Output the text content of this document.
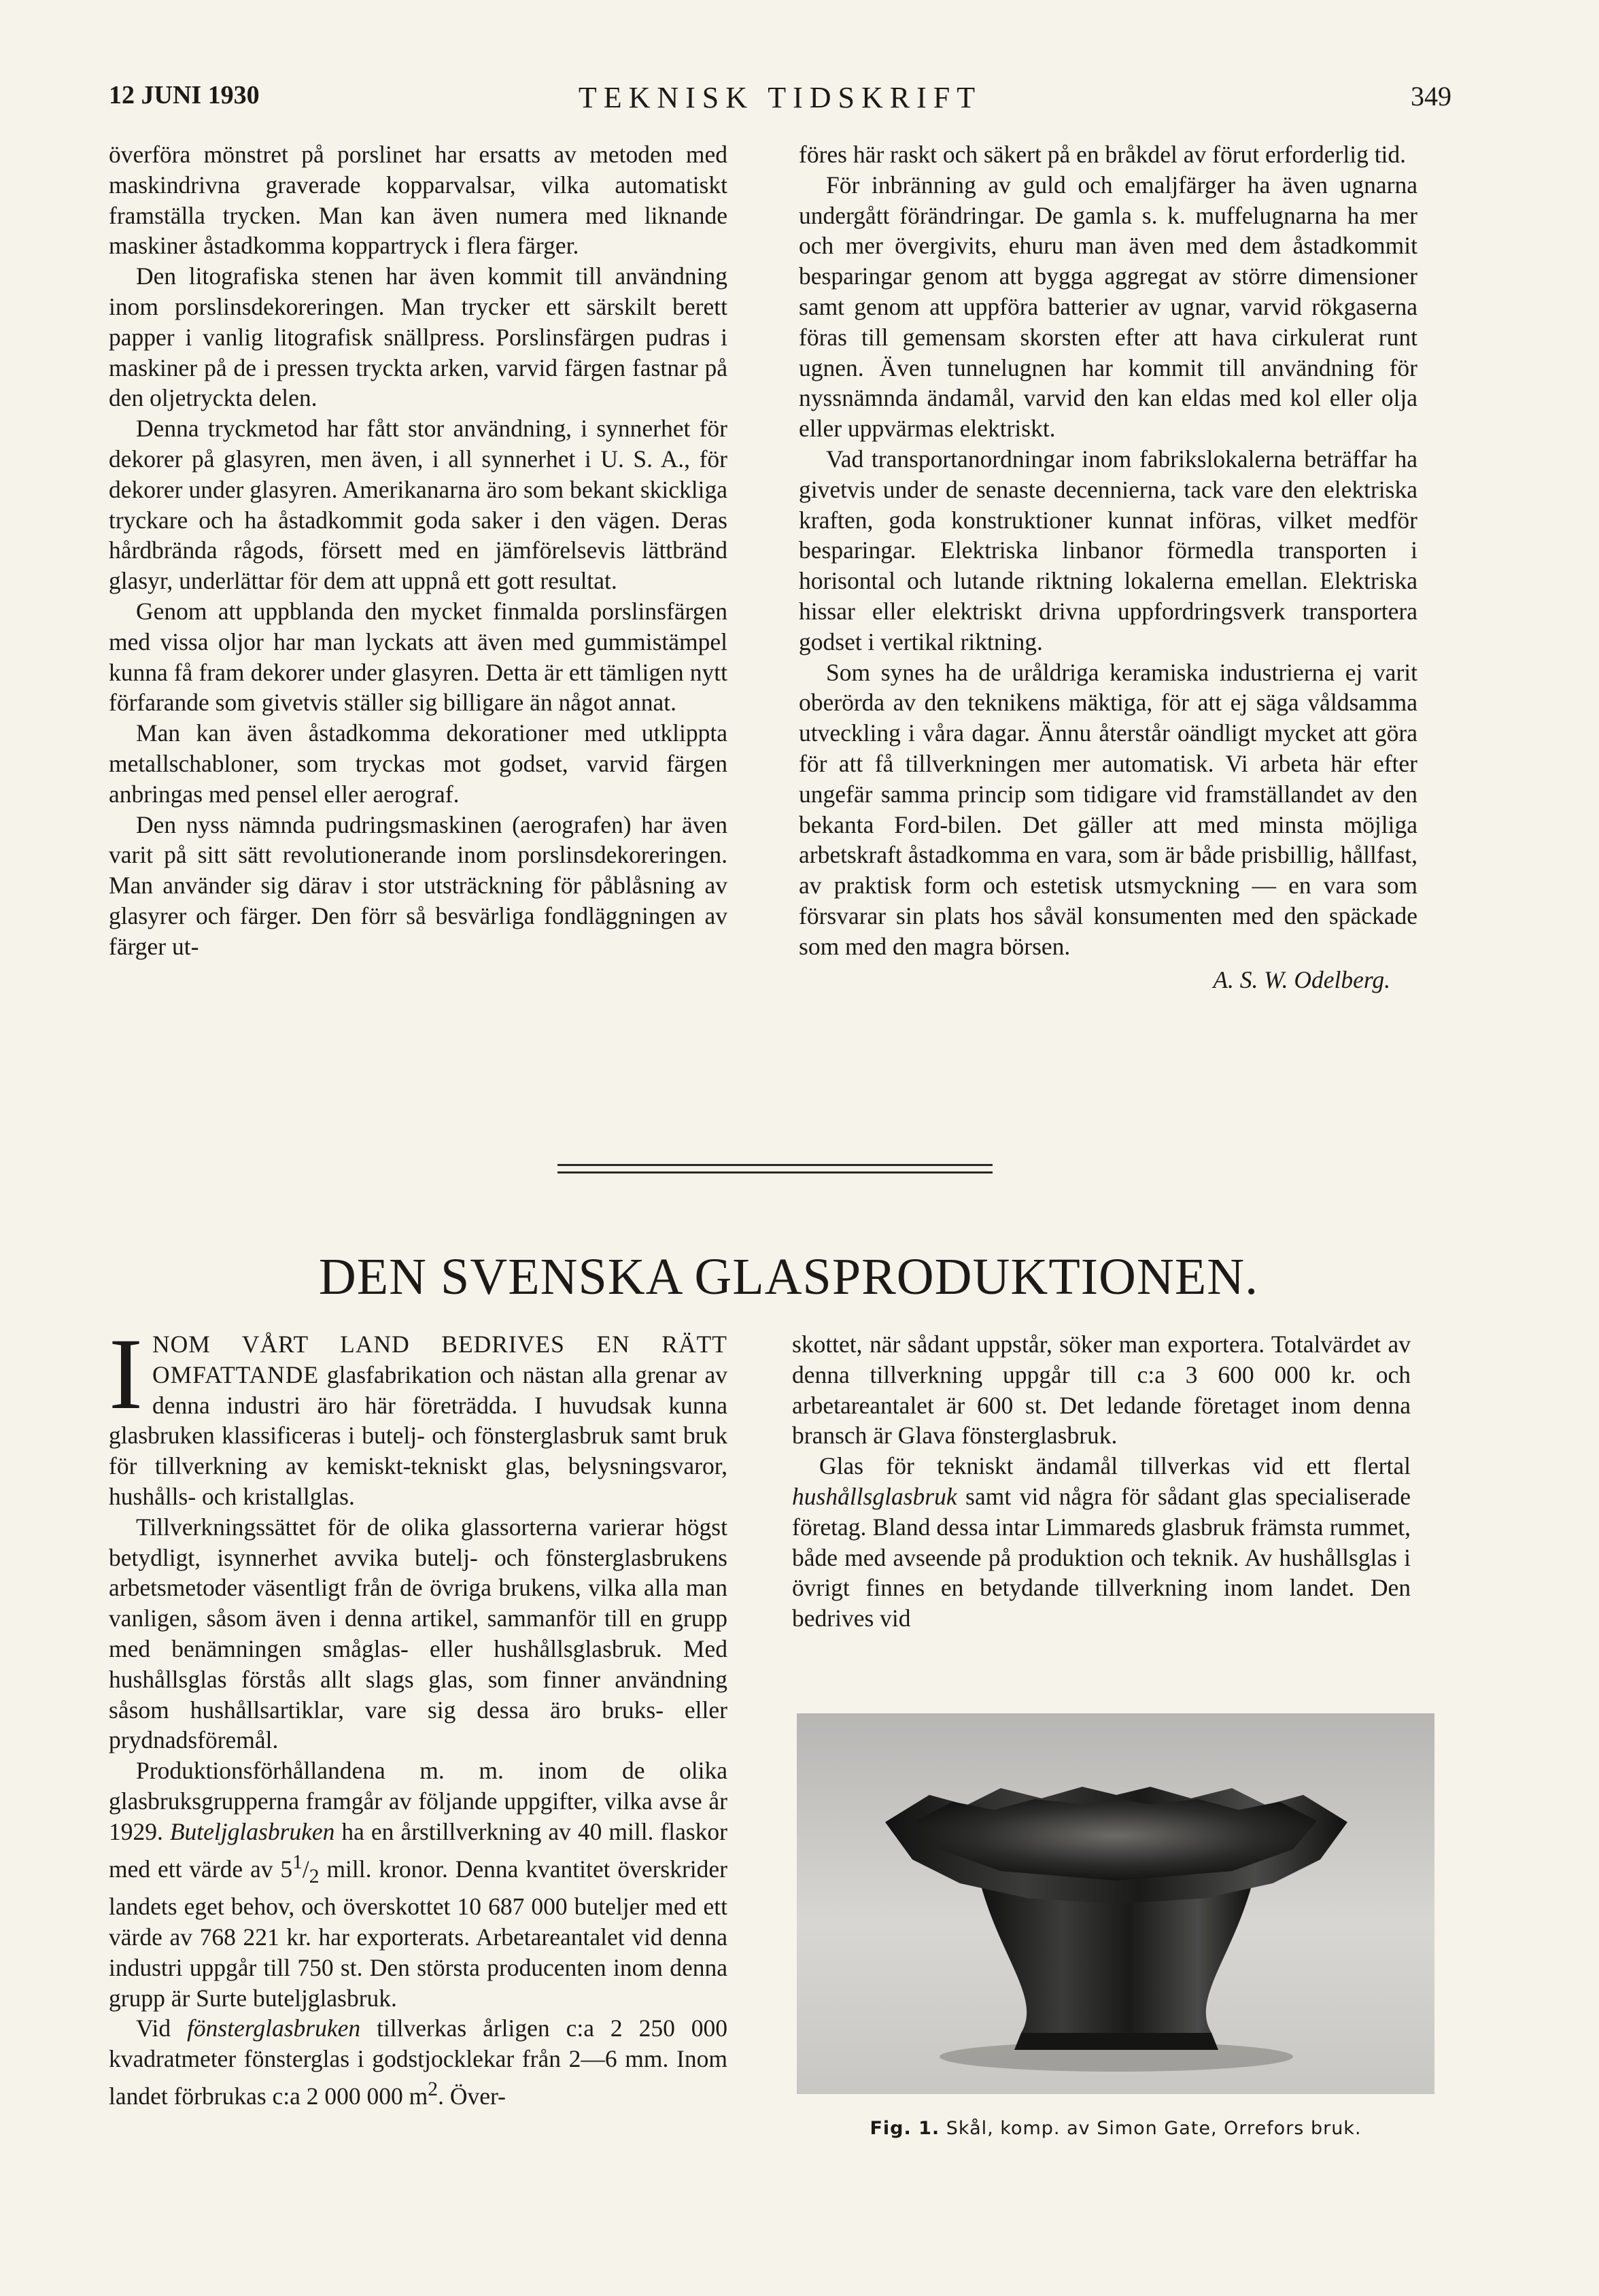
12 JUNI 1930	TEKNISK TIDSKRIFT	349

överföra mönstret på porslinet har ersatts av metoden med maskindrivna graverade kopparvalsar, vilka automatiskt framställa trycken. Man kan även numera med liknande maskiner åstadkomma koppartryck i flera färger.

Den litografiska stenen har även kommit till användning inom porslinsdekoreringen. Man trycker ett särskilt berett papper i vanlig litografisk snällpress. Porslinsfärgen pudras i maskiner på de i pressen tryckta arken, varvid färgen fastnar på den oljetryckta delen.

Denna tryckmetod har fått stor användning, i synnerhet för dekorer på glasyren, men även, i all synnerhet i U. S. A., för dekorer under glasyren. Amerikanarna äro som bekant skickliga tryckare och ha åstadkommit goda saker i den vägen. Deras hårdbrända rågods, försett med en jämförelsevis lättbränd glasyr, underlättar för dem att uppnå ett gott resultat.

Genom att uppblanda den mycket finmalda porslinsfärgen med vissa oljor har man lyckats att även med gummistämpel kunna få fram dekorer under glasyren. Detta är ett tämligen nytt förfarande som givetvis ställer sig billigare än något annat.

Man kan även åstadkomma dekorationer med utklippta metallschabloner, som tryckas mot godset, varvid färgen anbringas med pensel eller aerograf.

Den nyss nämnda pudringsmaskinen (aerografen) har även varit på sitt sätt revolutionerande inom porslinsdekoreringen. Man använder sig därav i stor utsträckning för påblåsning av glasyrer och färger. Den förr så besvärliga fondläggningen av färger ut-

föres här raskt och säkert på en bråkdel av förut erforderlig tid.

För inbränning av guld och emaljfärger ha även ugnarna undergått förändringar. De gamla s. k. muffelugnarna ha mer och mer övergivits, ehuru man även med dem åstadkommit besparingar genom att bygga aggregat av större dimensioner samt genom att uppföra batterier av ugnar, varvid rökgaserna föras till gemensam skorsten efter att hava cirkulerat runt ugnen. Även tunnelugnen har kommit till användning för nyssnämnda ändamål, varvid den kan eldas med kol eller olja eller uppvärmas elektriskt.

Vad transportanordningar inom fabrikslokalerna beträffar ha givetvis under de senaste decennierna, tack vare den elektriska kraften, goda konstruktioner kunnat införas, vilket medför besparingar. Elektriska linbanor förmedla transporten i horisontal och lutande riktning lokalerna emellan. Elektriska hissar eller elektriskt drivna uppfordringsverk transportera godset i vertikal riktning.

Som synes ha de uråldriga keramiska industrierna ej varit oberörda av den teknikens mäktiga, för att ej säga våldsamma utveckling i våra dagar. Ännu återstår oändligt mycket att göra för att få tillverkningen mer automatisk. Vi arbeta här efter ungefär samma princip som tidigare vid framställandet av den bekanta Ford-bilen. Det gäller att med minsta möjliga arbetskraft åstadkomma en vara, som är både prisbillig, hållfast, av praktisk form och estetisk utsmyckning — en vara som försvarar sin plats hos såväl konsumenten med den späckade som med den magra börsen.

A. S. W. Odelberg.
DEN SVENSKA GLASPRODUKTIONEN.

INOM VÅRT LAND BEDRIVES EN RÄTT OMFATTANDE glasfabrikation och nästan alla grenar av denna industri äro här företrädda. I huvudsak kunna glasbruken klassificeras i butelj- och fönsterglasbruk samt bruk för tillverkning av kemiskt-tekniskt glas, belysningsvaror, hushålls- och kristallglas.

Tillverkningssättet för de olika glassorterna varierar högst betydligt, isynnerhet avvika butelj- och fönsterglasbrukens arbetsmetoder väsentligt från de övriga brukens, vilka alla man vanligen, såsom även i denna artikel, sammanför till en grupp med benämningen småglas- eller hushållsglasbruk. Med hushållsglas förstås allt slags glas, som finner användning såsom hushållsartiklar, vare sig dessa äro bruks- eller prydnadsföremål.

Produktionsförhållandena m. m. inom de olika glasbruksgrupperna framgår av följande uppgifter, vilka avse år 1929. Buteljglasbruken ha en årstillverkning av 40 mill. flaskor med ett värde av $5^1/_2$ mill. kronor. Denna kvantitet överskrider landets eget behov, och överskottet 10 687 000 buteljer med ett värde av 768 221 kr. har exporterats. Arbetareantalet vid denna industri uppgår till 750 st. Den största producenten inom denna grupp är Surte buteljglasbruk.

Vid fönsterglasbruken tillverkas årligen c:a 2 250 000 kvadratmeter fönsterglas i godstjocklekar från 2—6 mm. Inom landet förbrukas c:a 2 000 000 $m^2$. Över-

skottet, när sådant uppstår, söker man exportera. Totalvärdet av denna tillverkning uppgår till c:a 3 600 000 kr. och arbetareantalet är 600 st. Det ledande företaget inom denna bransch är Glava fönsterglasbruk.

Glas för tekniskt ändamål tillverkas vid ett flertal hushållsglasbruk samt vid några för sådant glas specialiserade företag. Bland dessa intar Limmareds glasbruk främsta rummet, både med avseende på produktion och teknik. Av hushållsglas i övrigt finnes en betydande tillverkning inom landet. Den bedrives vid

Fig. 1. Skål, komp. av Simon Gate, Orrefors bruk.
